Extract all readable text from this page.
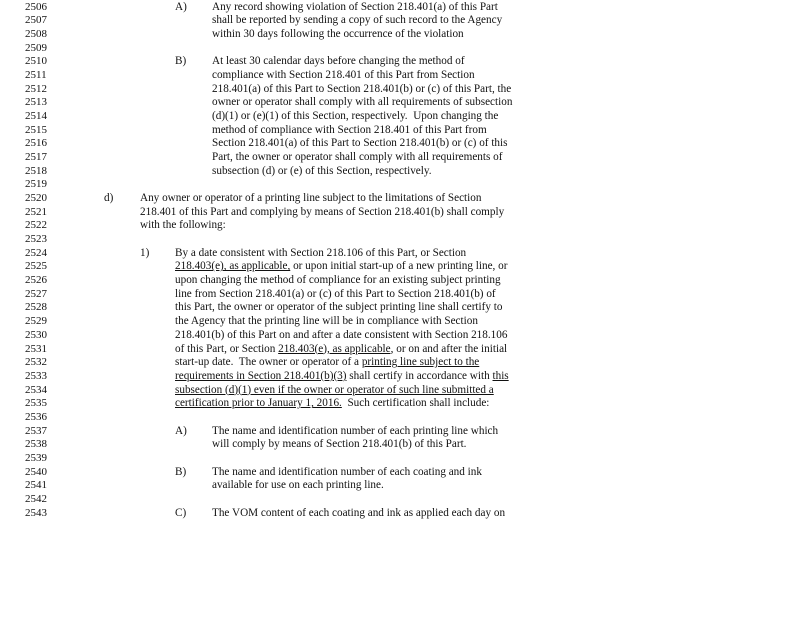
2506	A) Any record showing violation of Section 218.401(a) of this Part
2507	shall be reported by sending a copy of such record to the Agency
2508	within 30 days following the occurrence of the violation
2509
2510	B) At least 30 calendar days before changing the method of
2511	compliance with Section 218.401 of this Part from Section
2512	218.401(a) of this Part to Section 218.401(b) or (c) of this Part, the
2513	owner or operator shall comply with all requirements of subsection
2514	(d)(1) or (e)(1) of this Section, respectively.  Upon changing the
2515	method of compliance with Section 218.401 of this Part from
2516	Section 218.401(a) of this Part to Section 218.401(b) or (c) of this
2517	Part, the owner or operator shall comply with all requirements of
2518	subsection (d) or (e) of this Section, respectively.
2519
2520	d) Any owner or operator of a printing line subject to the limitations of Section
2521	218.401 of this Part and complying by means of Section 218.401(b) shall comply
2522	with the following:
2523
2524	1) By a date consistent with Section 218.106 of this Part, or Section
2525	218.403(e), as applicable, or upon initial start-up of a new printing line, or
2526	upon changing the method of compliance for an existing subject printing
2527	line from Section 218.401(a) or (c) of this Part to Section 218.401(b) of
2528	this Part, the owner or operator of the subject printing line shall certify to
2529	the Agency that the printing line will be in compliance with Section
2530	218.401(b) of this Part on and after a date consistent with Section 218.106
2531	of this Part, or Section 218.403(e), as applicable, or on and after the initial
2532	start-up date.  The owner or operator of a printing line subject to the
2533	requirements in Section 218.401(b)(3) shall certify in accordance with this
2534	subsection (d)(1) even if the owner or operator of such line submitted a
2535	certification prior to January 1, 2016.  Such certification shall include:
2536
2537	A) The name and identification number of each printing line which
2538	will comply by means of Section 218.401(b) of this Part.
2539
2540	B) The name and identification number of each coating and ink
2541	available for use on each printing line.
2542
2543	C) The VOM content of each coating and ink as applied each day on
